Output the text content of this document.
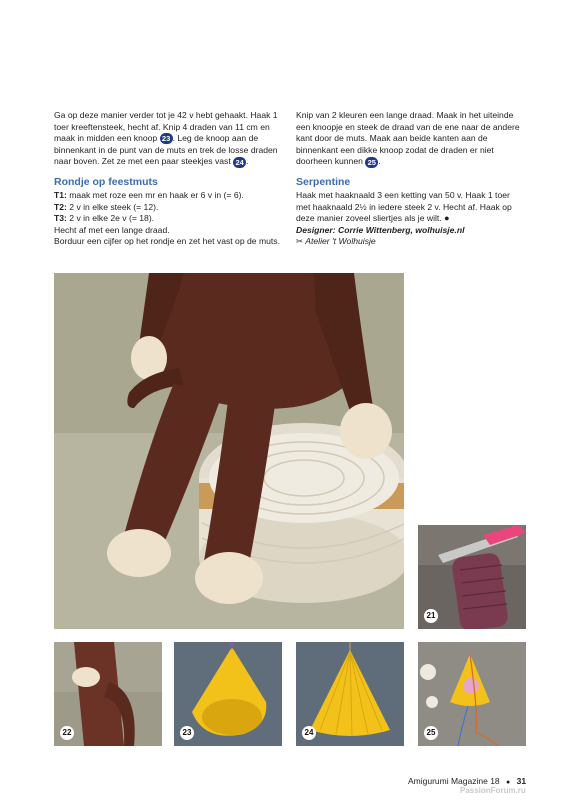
Ga op deze manier verder tot je 42 v hebt gehaakt. Haak 1 toer kreeftensteek, hecht af. Knip 4 draden van 11 cm en maak in midden een knoop 23 . Leg de knoop aan de binnenkant in de punt van de muts en trek de losse draden naar boven. Zet ze met een paar steekjes vast 24 .

Rondje op feestmuts

T1: maak met roze een mr en haak er 6 v in (= 6).

T2: 2 v in elke steek (= 12).

T3: 2 v in elke 2e v (= 18).

Hecht af met een lange draad.

Borduur een cijfer op het rondje en zet het vast op de muts.

Knip van 2 kleuren een lange draad. Maak in het uiteinde een knoopje en steek de draad van de ene naar de andere kant door de muts. Maak aan beide kanten aan de binnenkant een dikke knoop zodat de draden er niet doorheen kunnen 25 .

Serpentine

Haak met haaknaald 3 een ketting van 50 v. Haak 1 toer met haaknaald 2½ in iedere steek 2 v. Hecht af. Haak op deze manier zoveel sliertjes als je wilt. ●

Designer: Corrie Wittenberg, wolhuisje.nl

✂ Atelier 't Wolhuisje

21
22	23	24	25
Amigurumi Magazine 18 ● 31
PassionForum.ru
